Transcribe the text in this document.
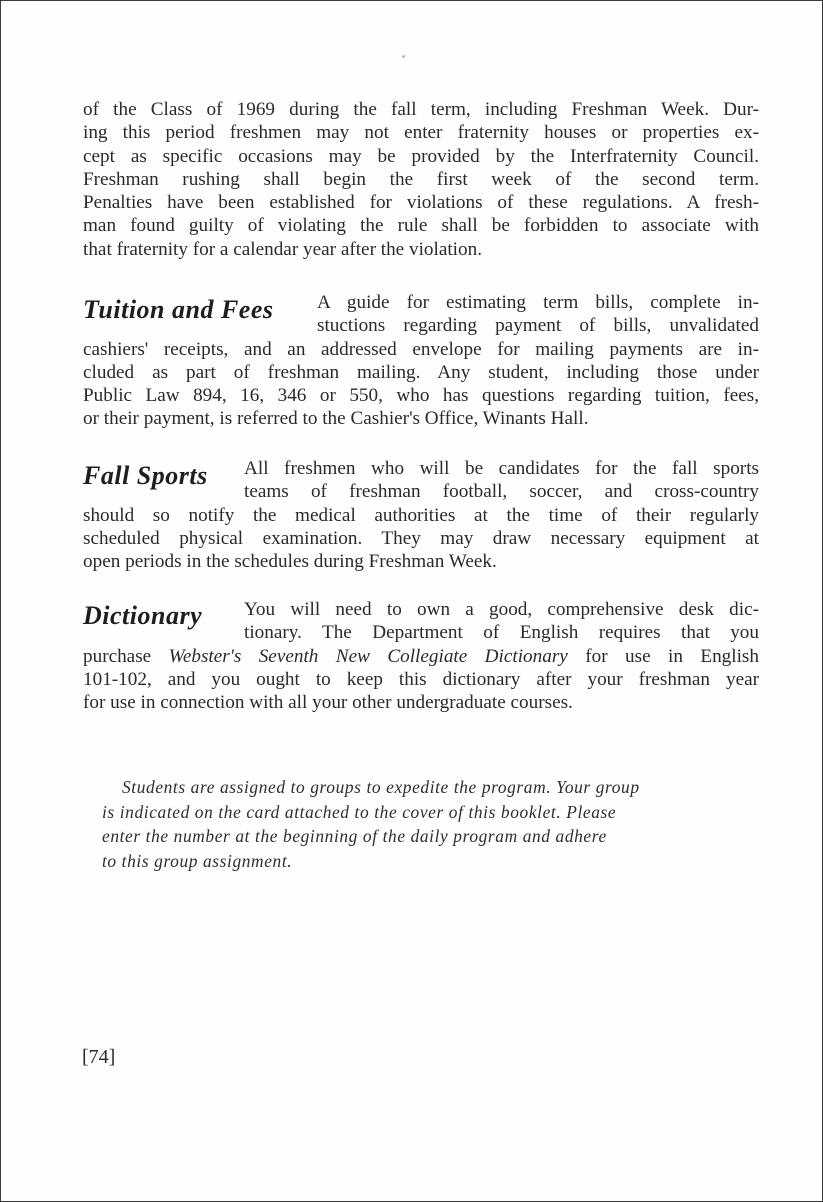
of the Class of 1969 during the fall term, including Freshman Week. Dur-
ing this period freshmen may not enter fraternity houses or properties ex-
cept as specific occasions may be provided by the Interfraternity Council.
Freshman rushing shall begin the first week of the second term.
Penalties have been established for violations of these regulations. A fresh-
man found guilty of violating the rule shall be forbidden to associate with
that fraternity for a calendar year after the violation.
Tuition and Fees A guide for estimating term bills, complete in-
stuctions regarding payment of bills, unvalidated
cashiers' receipts, and an addressed envelope for mailing payments are in-
cluded as part of freshman mailing. Any student, including those under
Public Law 894, 16, 346 or 550, who has questions regarding tuition, fees,
or their payment, is referred to the Cashier's Office, Winants Hall.
Fall Sports All freshmen who will be candidates for the fall sports
teams of freshman football, soccer, and cross-country
should so notify the medical authorities at the time of their regularly
scheduled physical examination. They may draw necessary equipment at
open periods in the schedules during Freshman Week.
Dictionary You will need to own a good, comprehensive desk dic-
tionary. The Department of English requires that you
purchase Webster's Seventh New Collegiate Dictionary for use in English
101-102, and you ought to keep this dictionary after your freshman year
for use in connection with all your other undergraduate courses.
Students are assigned to groups to expedite the program. Your group
is indicated on the card attached to the cover of this booklet. Please
enter the number at the beginning of the daily program and adhere
to this group assignment.
[74]
